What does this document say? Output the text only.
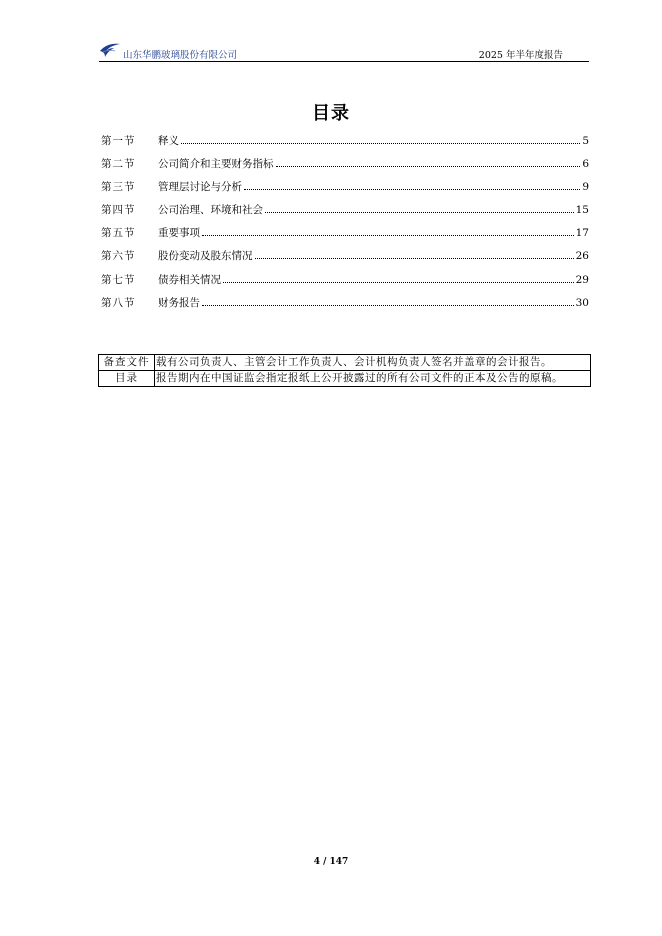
山东华鹏玻璃股份有限公司	2025 年半年度报告
目录
第一节	释义	5
第二节	公司简介和主要财务指标	6
第三节	管理层讨论与分析	9
第四节	公司治理、环境和社会	15
第五节	重要事项	17
第六节	股份变动及股东情况	26
第七节	债券相关情况	29
第八节	财务报告	30
备查文件	载有公司负责人、主管会计工作负责人、会计机构负责人签名并盖章的会计报告。
目录	报告期内在中国证监会指定报纸上公开披露过的所有公司文件的正本及公告的原稿。
4 / 147
